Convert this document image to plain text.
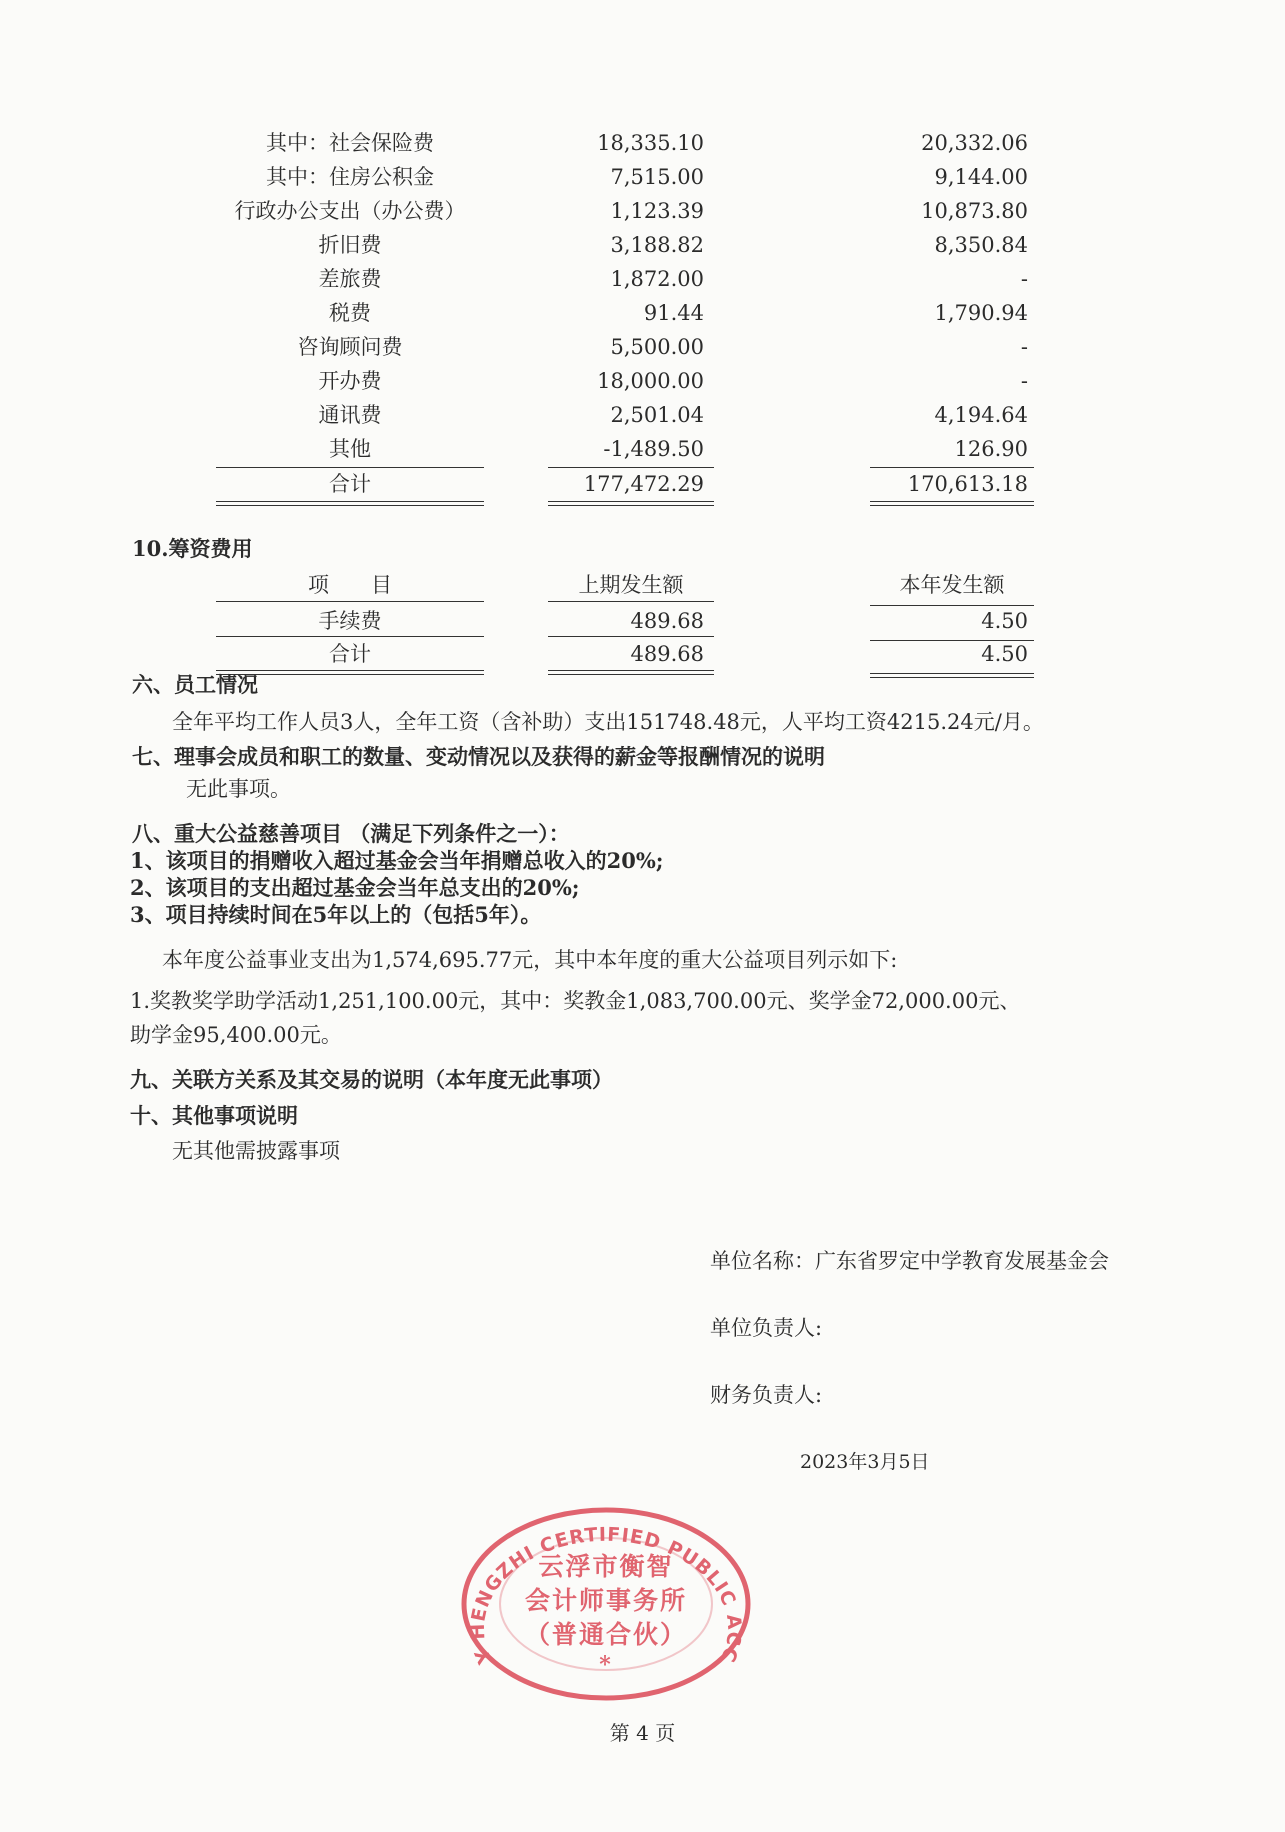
其中：社会保险费	18,335.10	20,332.06
其中：住房公积金	7,515.00	9,144.00
行政办公支出（办公费）	1,123.39	10,873.80
折旧费	3,188.82	8,350.84
差旅费	1,872.00	-
税费	91.44	1,790.94
咨询顾问费	5,500.00	-
开办费	18,000.00	-
通讯费	2,501.04	4,194.64
其他	-1,489.50	126.90
合计	177,472.29	170,613.18
10.筹资费用
项　　目	上期发生额	本年发生额
手续费	489.68	4.50
合计	489.68	4.50
六、员工情况
全年平均工作人员3人，全年工资（含补助）支出151748.48元，人平均工资4215.24元/月。
七、理事会成员和职工的数量、变动情况以及获得的薪金等报酬情况的说明
无此事项。
八、重大公益慈善项目 （满足下列条件之一）：
1、该项目的捐赠收入超过基金会当年捐赠总收入的20%;
2、该项目的支出超过基金会当年总支出的20%;
3、项目持续时间在5年以上的（包括5年）。
本年度公益事业支出为1,574,695.77元，其中本年度的重大公益项目列示如下:
1.奖教奖学助学活动1,251,100.00元，其中：奖教金1,083,700.00元、奖学金72,000.00元、
助学金95,400.00元。
九、关联方关系及其交易的说明（本年度无此事项）
十、其他事项说明
无其他需披露事项
单位名称：广东省罗定中学教育发展基金会
单位负责人:
财务负责人:
2023年3月5日
Y HENGZHI CERTIFIED PUBLIC ACC
云浮市衡智
会计师事务所
（普通合伙）
*
第 4 页
